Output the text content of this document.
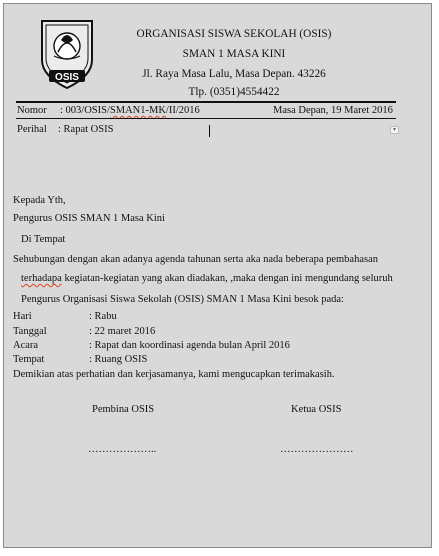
OSIS
ORGANISASI SISWA SEKOLAH (OSIS)
SMAN 1 MASA KINI
Jl. Raya Masa Lalu, Masa Depan. 43226
Tlp. (0351)4554422
Nomor : 003/OSIS/SMAN1-MK/II/2016	Masa Depan, 19 Maret 2016
Perihal : Rapat OSIS	▾
Kepada Yth,
Pengurus OSIS SMAN 1 Masa Kini
Di Tempat
Sehubungan dengan akan adanya agenda tahunan serta aka nada beberapa pembahasan
terhadapa kegiatan-kegiatan yang akan diadakan, ,maka dengan ini mengundang seluruh
Pengurus Organisasi Siswa Sekolah (OSIS) SMAN 1 Masa Kini besok pada:
Hari	: Rabu
Tanggal	: 22 maret 2016
Acara	: Rapat dan koordinasi agenda bulan April 2016
Tempat	: Ruang OSIS
Demikian atas perhatian dan kerjasamanya, kami mengucapkan terimakasih.
Pembina OSIS	Ketua OSIS
………………..	…………………
